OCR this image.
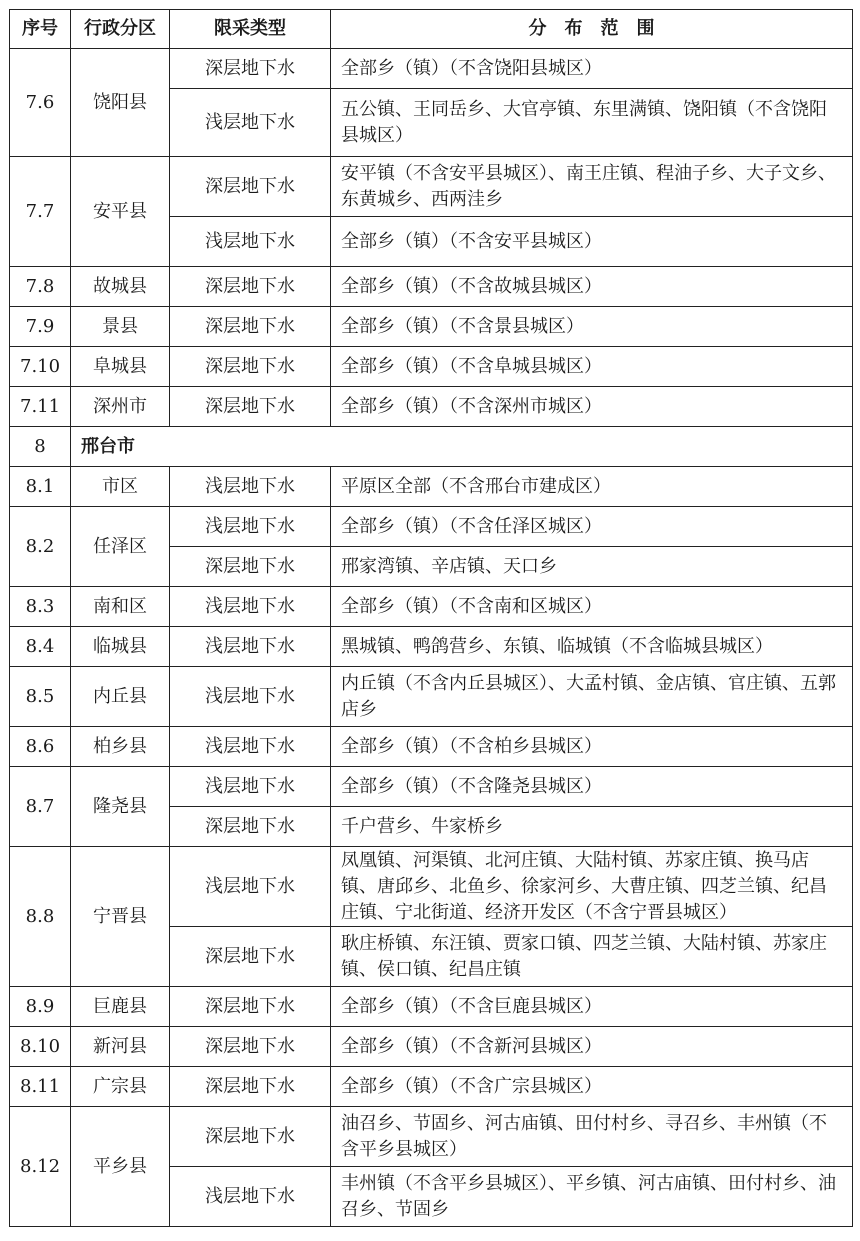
序号	行政分区	限采类型	分　布　范　围
7.6	饶阳县	深层地下水	全部乡（镇）（不含饶阳县城区）
		浅层地下水	五公镇、王同岳乡、大官亭镇、东里满镇、饶阳镇（不含饶阳县城区）
7.7	安平县	深层地下水	安平镇（不含安平县城区）、南王庄镇、程油子乡、大子文乡、东黄城乡、西两洼乡
		浅层地下水	全部乡（镇）（不含安平县城区）
7.8	故城县	深层地下水	全部乡（镇）（不含故城县城区）
7.9	景县	深层地下水	全部乡（镇）（不含景县城区）
7.10	阜城县	深层地下水	全部乡（镇）（不含阜城县城区）
7.11	深州市	深层地下水	全部乡（镇）（不含深州市城区）
8	邢台市		
8.1	市区	浅层地下水	平原区全部（不含邢台市建成区）
8.2	任泽区	浅层地下水	全部乡（镇）（不含任泽区城区）
		深层地下水	邢家湾镇、辛店镇、天口乡
8.3	南和区	浅层地下水	全部乡（镇）（不含南和区城区）
8.4	临城县	浅层地下水	黑城镇、鸭鸽营乡、东镇、临城镇（不含临城县城区）
8.5	内丘县	浅层地下水	内丘镇（不含内丘县城区）、大孟村镇、金店镇、官庄镇、五郭店乡
8.6	柏乡县	浅层地下水	全部乡（镇）（不含柏乡县城区）
8.7	隆尧县	浅层地下水	全部乡（镇）（不含隆尧县城区）
		深层地下水	千户营乡、牛家桥乡
8.8	宁晋县	浅层地下水	凤凰镇、河渠镇、北河庄镇、大陆村镇、苏家庄镇、换马店镇、唐邱乡、北鱼乡、徐家河乡、大曹庄镇、四芝兰镇、纪昌庄镇、宁北街道、经济开发区（不含宁晋县城区）
		深层地下水	耿庄桥镇、东汪镇、贾家口镇、四芝兰镇、大陆村镇、苏家庄镇、侯口镇、纪昌庄镇
8.9	巨鹿县	深层地下水	全部乡（镇）（不含巨鹿县城区）
8.10	新河县	深层地下水	全部乡（镇）（不含新河县城区）
8.11	广宗县	深层地下水	全部乡（镇）（不含广宗县城区）
8.12	平乡县	深层地下水	油召乡、节固乡、河古庙镇、田付村乡、寻召乡、丰州镇（不含平乡县城区）
		浅层地下水	丰州镇（不含平乡县城区）、平乡镇、河古庙镇、田付村乡、油召乡、节固乡
